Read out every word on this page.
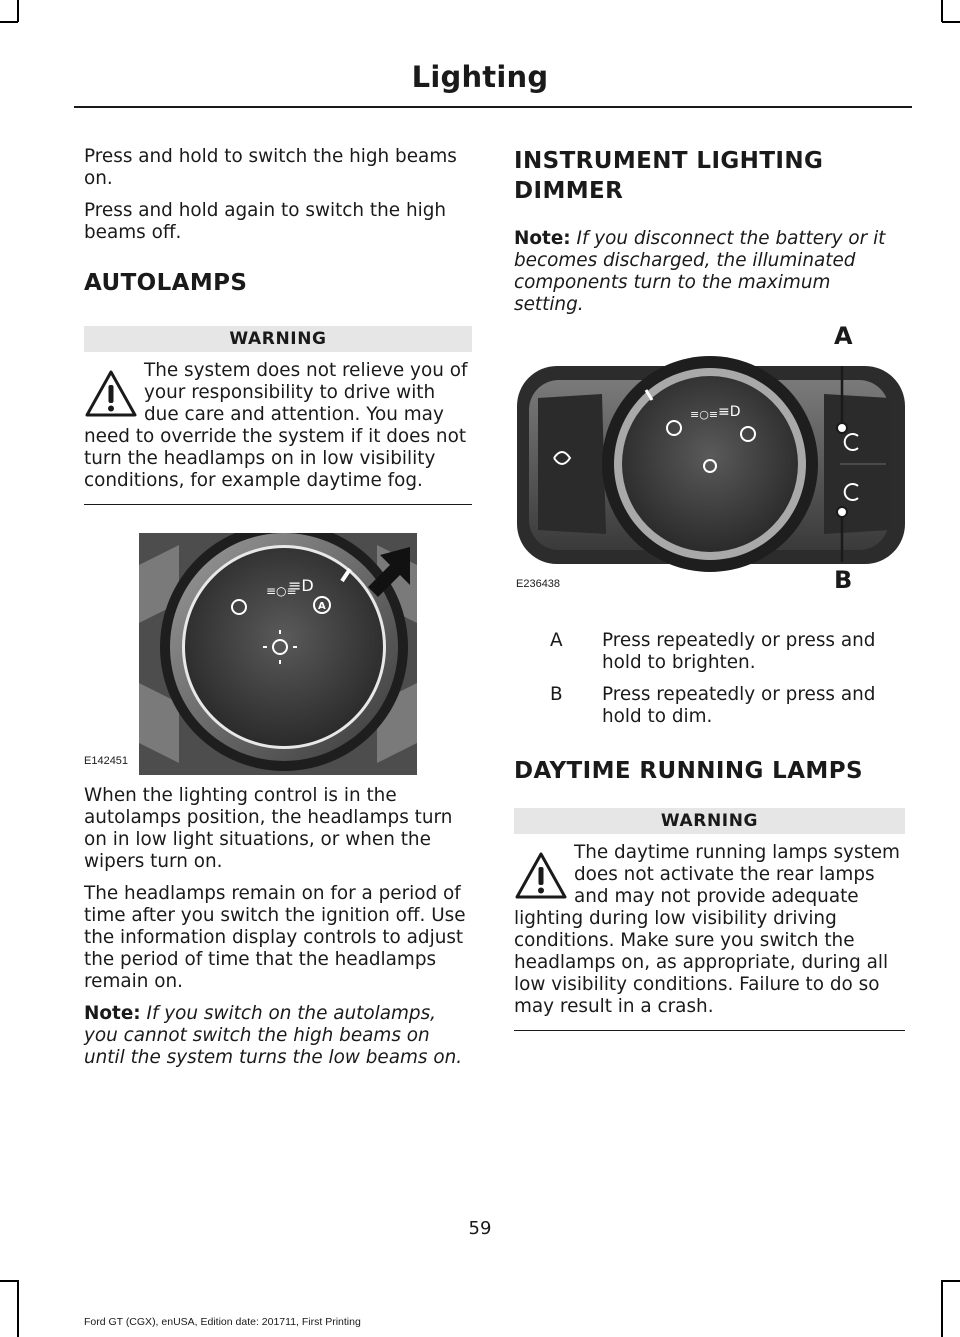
Lighting

Press and hold to switch the high beams on.

Press and hold again to switch the high beams off.

AUTOLAMPS
WARNING
The system does not relieve you of your responsibility to drive with due care and attention. You may need to override the system if it does not turn the headlamps on in low visibility conditions, for example daytime fog.
≡○≡
≡D
A
E142451

When the lighting control is in the autolamps position, the headlamps turn on in low light situations, or when the wipers turn on.

The headlamps remain on for a period of time after you switch the ignition off. Use the information display controls to adjust the period of time that the headlamps remain on.

Note: If you switch on the autolamps, you cannot switch the high beams on until the system turns the low beams on.

INSTRUMENT LIGHTING
DIMMER

Note: If you disconnect the battery or it becomes discharged, the illuminated components turn to the maximum setting.

≡○≡ ≡D
E236438
A
B
A	Press repeatedly or press and hold to brighten.
B	Press repeatedly or press and hold to dim.
DAYTIME RUNNING LAMPS
WARNING
The daytime running lamps system does not activate the rear lamps and may not provide adequate lighting during low visibility driving conditions. Make sure you switch the headlamps on, as appropriate, during all low visibility conditions. Failure to do so may result in a crash.
59
Ford GT (CGX), enUSA, Edition date: 201711, First Printing
